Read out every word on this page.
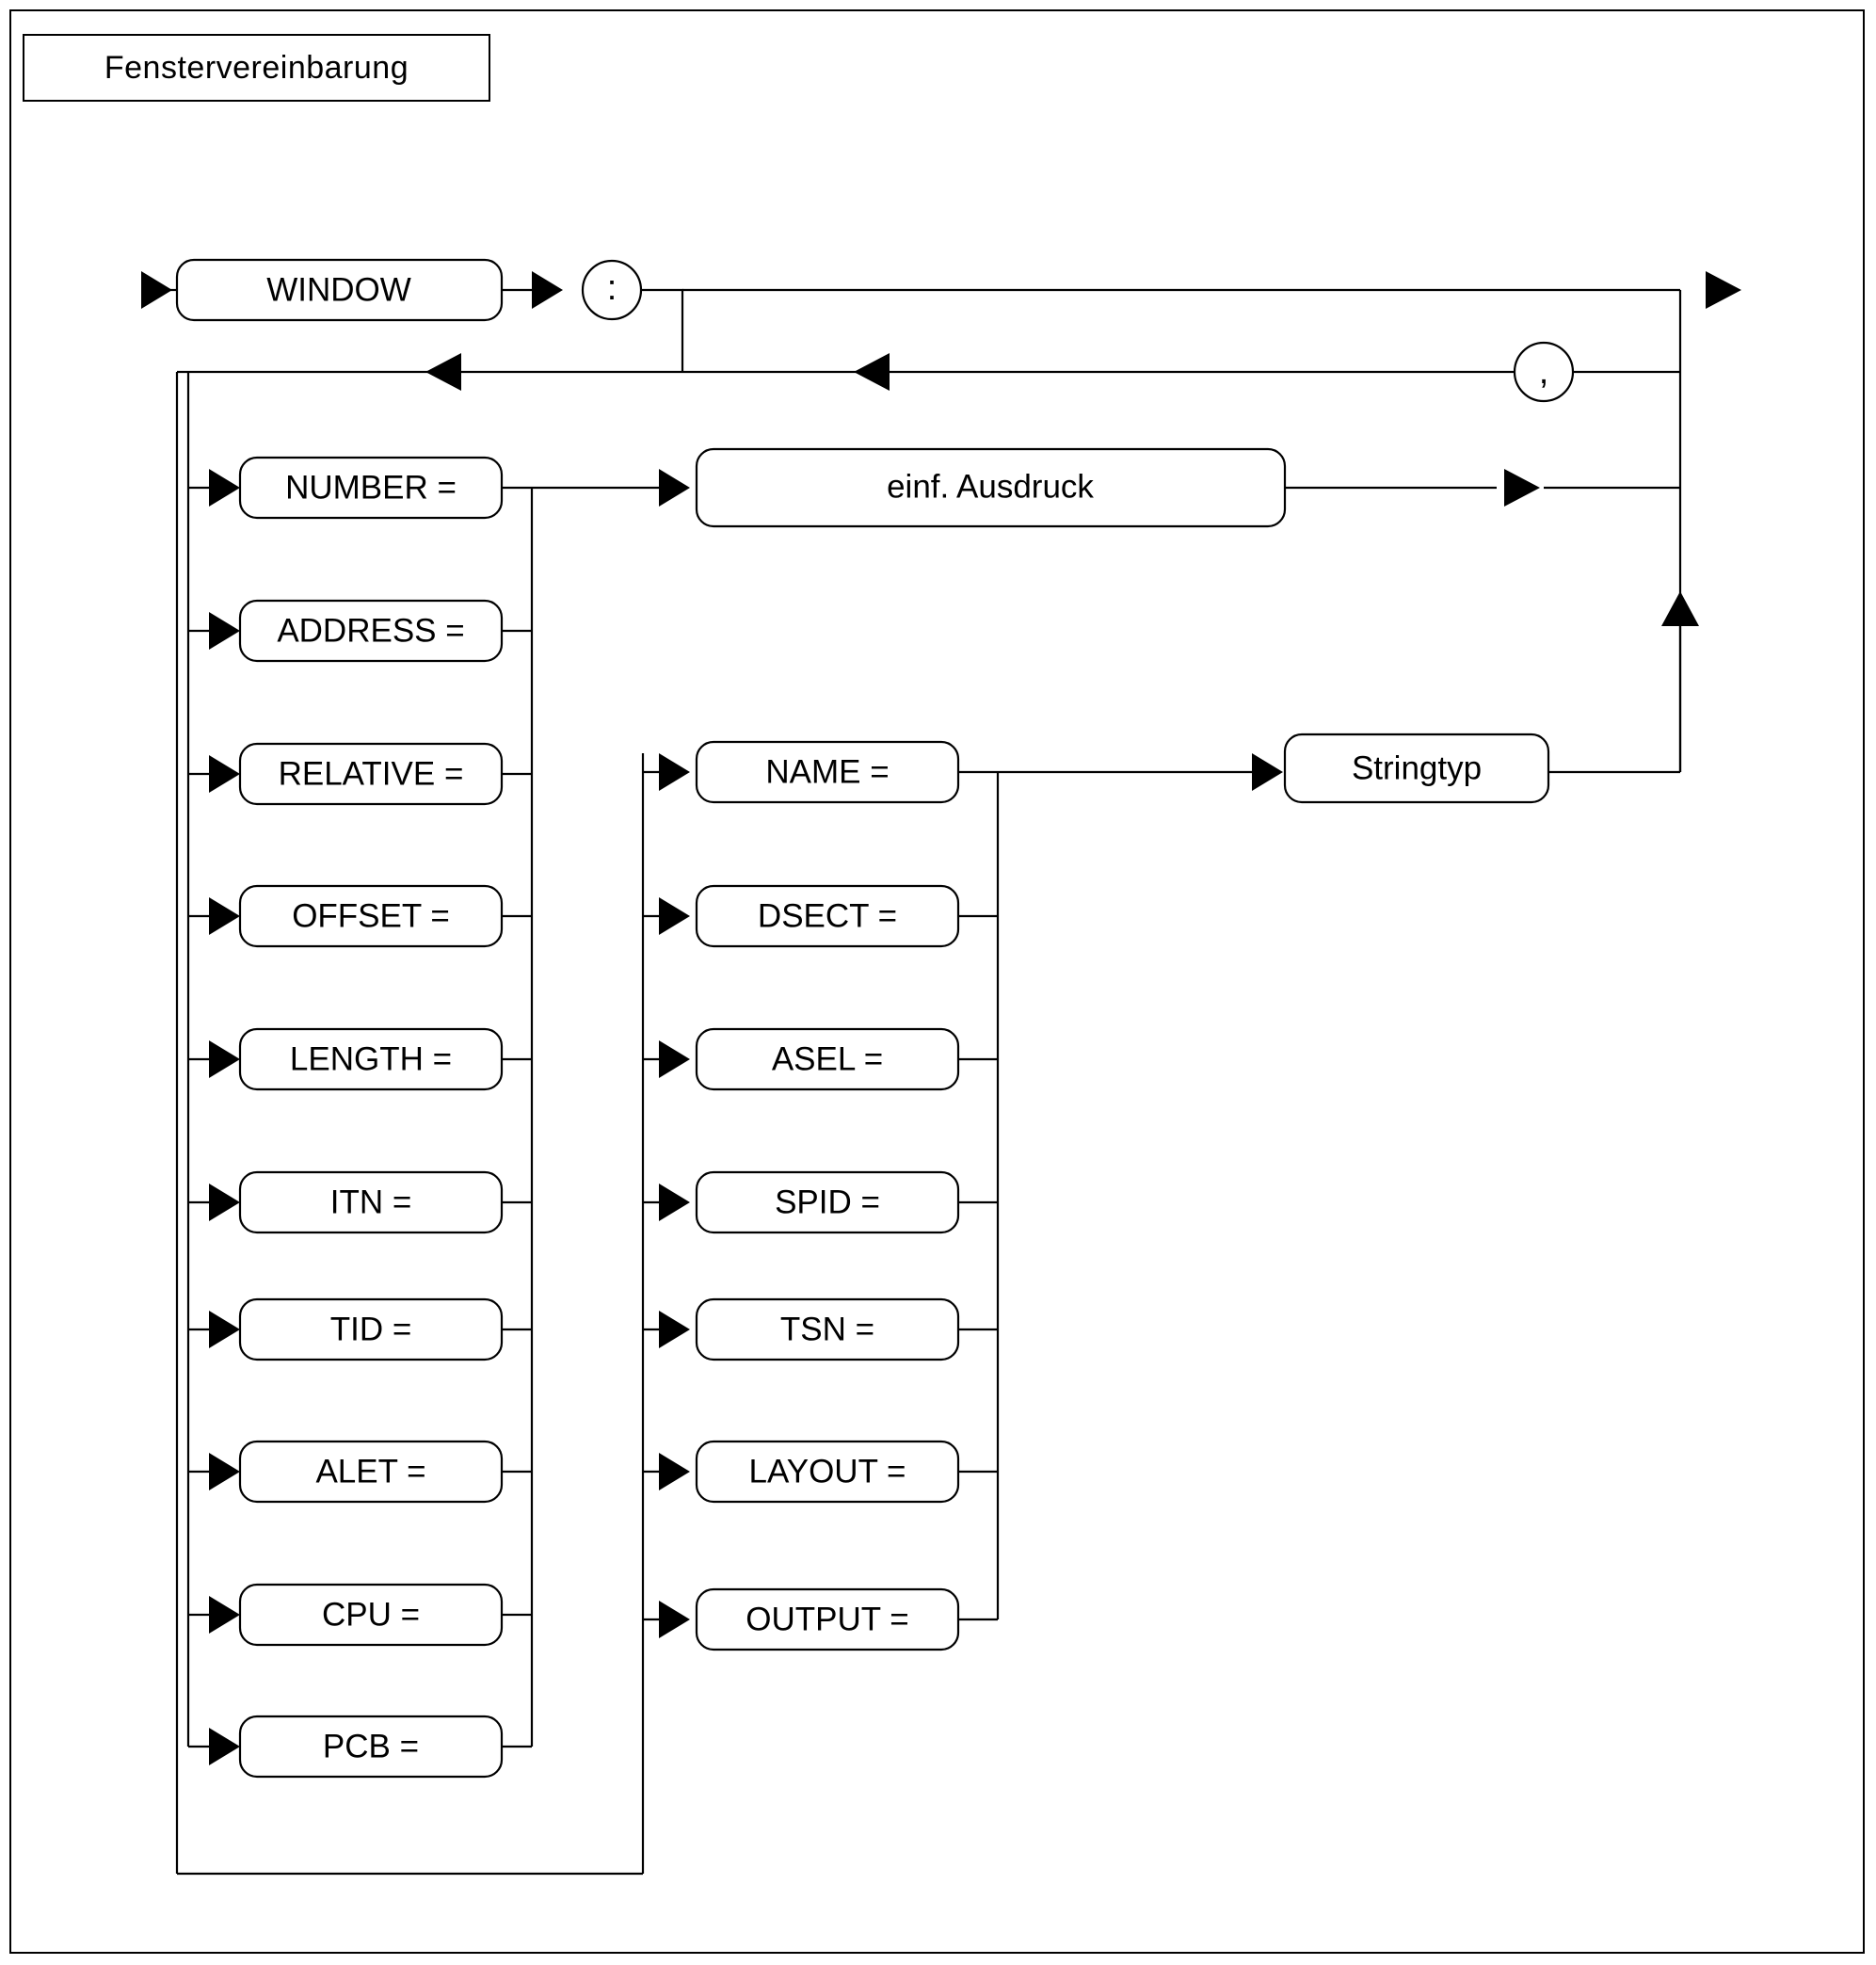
Fenstervereinbarung
WINDOW	:
,
NUMBER =
ADDRESS =
RELATIVE =
OFFSET =
LENGTH =
ITN =
TID =
ALET =
CPU =
PCB =
einf. Ausdruck
NAME =
DSECT =
ASEL =
SPID =
TSN =
LAYOUT =
OUTPUT =
Stringtyp
